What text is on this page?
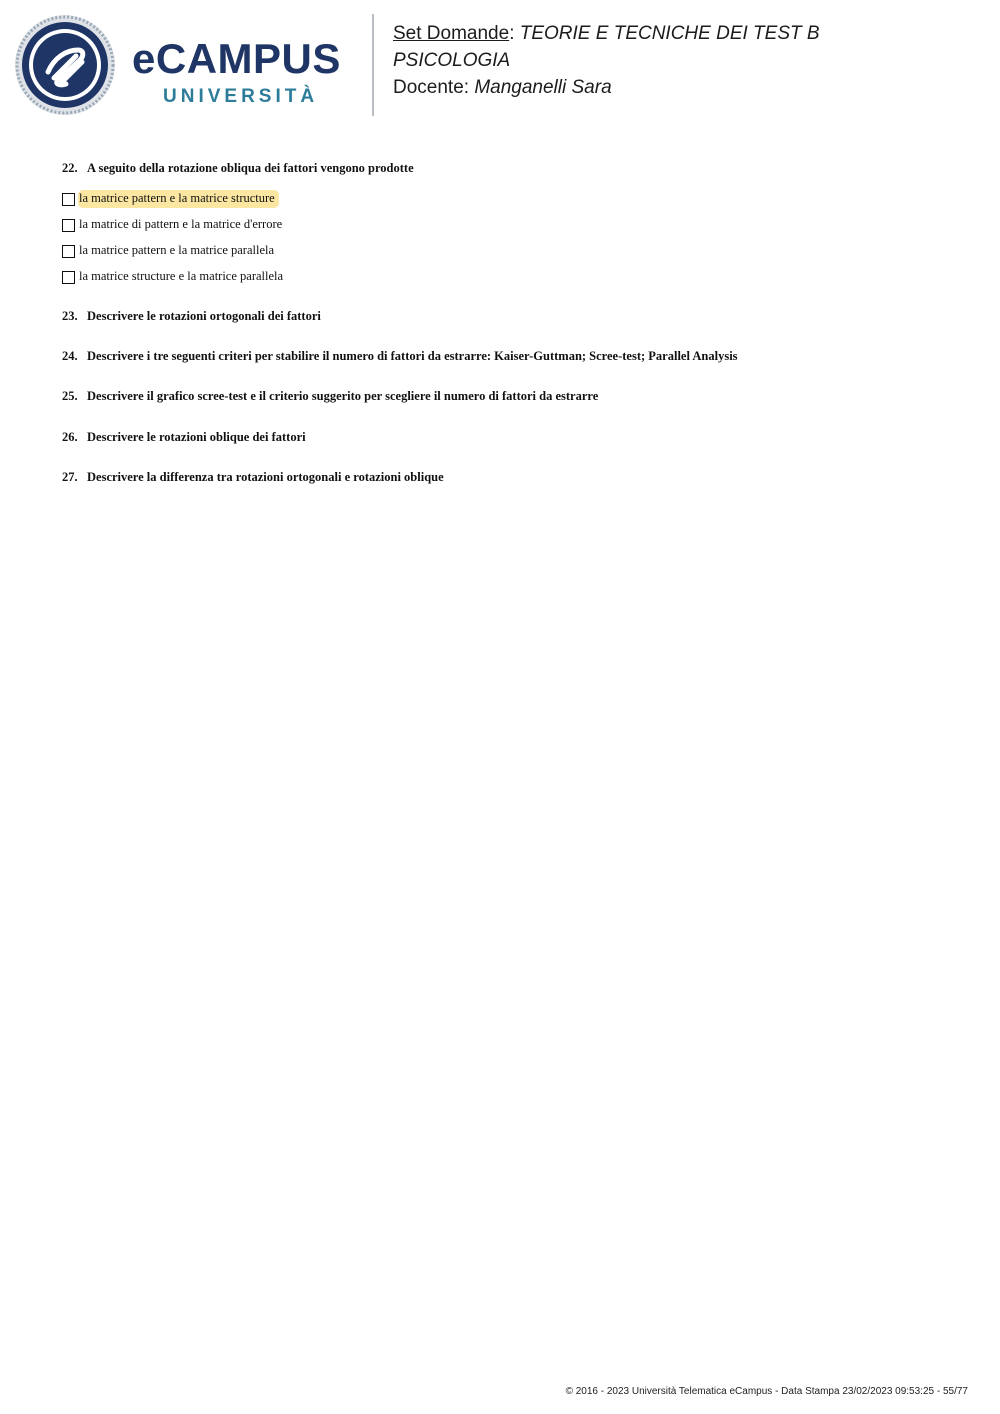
eCAMPUS
UNIVERSITÀ
Set Domande: TEORIE E TECNICHE DEI TEST B
PSICOLOGIA
Docente: Manganelli Sara
22. A seguito della rotazione obliqua dei fattori vengono prodotte
la matrice pattern e la matrice structure
la matrice di pattern e la matrice d'errore
la matrice pattern e la matrice parallela
la matrice structure e la matrice parallela
23. Descrivere le rotazioni ortogonali dei fattori
24. Descrivere i tre seguenti criteri per stabilire il numero di fattori da estrarre: Kaiser-Guttman; Scree-test; Parallel Analysis
25. Descrivere il grafico scree-test e il criterio suggerito per scegliere il numero di fattori da estrarre
26. Descrivere le rotazioni oblique dei fattori
27. Descrivere la differenza tra rotazioni ortogonali e rotazioni oblique
© 2016 - 2023 Università Telematica eCampus - Data Stampa 23/02/2023 09:53:25 - 55/77
